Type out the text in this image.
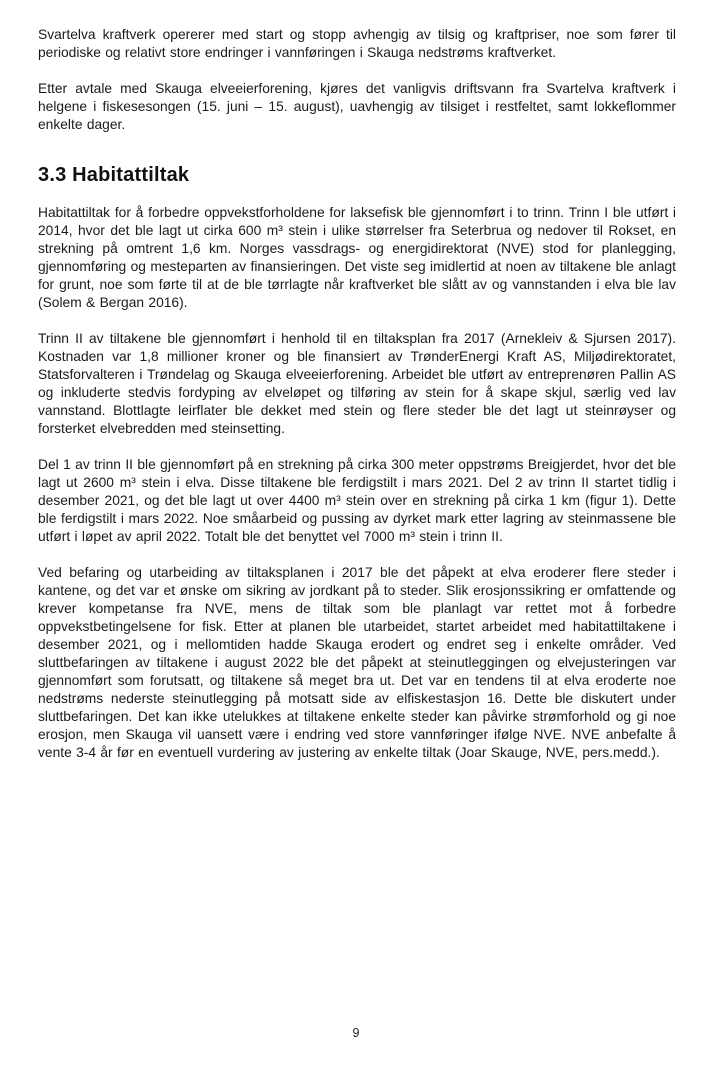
Svartelva kraftverk opererer med start og stopp avhengig av tilsig og kraftpriser, noe som fører til periodiske og relativt store endringer i vannføringen i Skauga nedstrøms kraftverket.

Etter avtale med Skauga elveeierforening, kjøres det vanligvis driftsvann fra Svartelva kraftverk i helgene i fiskesesongen (15. juni – 15. august), uavhengig av tilsiget i restfeltet, samt lokkeflommer enkelte dager.

3.3 Habitattiltak

Habitattiltak for å forbedre oppvekstforholdene for laksefisk ble gjennomført i to trinn. Trinn I ble utført i 2014, hvor det ble lagt ut cirka 600 m³ stein i ulike størrelser fra Seterbrua og nedover til Rokset, en strekning på omtrent 1,6 km. Norges vassdrags- og energidirektorat (NVE) stod for planlegging, gjennomføring og mesteparten av finansieringen. Det viste seg imidlertid at noen av tiltakene ble anlagt for grunt, noe som førte til at de ble tørrlagte når kraftverket ble slått av og vannstanden i elva ble lav (Solem & Bergan 2016).

Trinn II av tiltakene ble gjennomført i henhold til en tiltaksplan fra 2017 (Arnekleiv & Sjursen 2017). Kostnaden var 1,8 millioner kroner og ble finansiert av TrønderEnergi Kraft AS, Miljødirektoratet, Statsforvalteren i Trøndelag og Skauga elveeierforening. Arbeidet ble utført av entreprenøren Pallin AS og inkluderte stedvis fordyping av elveløpet og tilføring av stein for å skape skjul, særlig ved lav vannstand. Blottlagte leirflater ble dekket med stein og flere steder ble det lagt ut steinrøyser og forsterket elvebredden med steinsetting.

Del 1 av trinn II ble gjennomført på en strekning på cirka 300 meter oppstrøms Breigjerdet, hvor det ble lagt ut 2600 m³ stein i elva. Disse tiltakene ble ferdigstilt i mars 2021. Del 2 av trinn II startet tidlig i desember 2021, og det ble lagt ut over 4400 m³ stein over en strekning på cirka 1 km (figur 1). Dette ble ferdigstilt i mars 2022. Noe småarbeid og pussing av dyrket mark etter lagring av steinmassene ble utført i løpet av april 2022. Totalt ble det benyttet vel 7000 m³ stein i trinn II.

Ved befaring og utarbeiding av tiltaksplanen i 2017 ble det påpekt at elva eroderer flere steder i kantene, og det var et ønske om sikring av jordkant på to steder. Slik erosjonssikring er omfattende og krever kompetanse fra NVE, mens de tiltak som ble planlagt var rettet mot å forbedre oppvekstbetingelsene for fisk. Etter at planen ble utarbeidet, startet arbeidet med habitattiltakene i desember 2021, og i mellomtiden hadde Skauga erodert og endret seg i enkelte områder. Ved sluttbefaringen av tiltakene i august 2022 ble det påpekt at steinutleggingen og elvejusteringen var gjennomført som forutsatt, og tiltakene så meget bra ut. Det var en tendens til at elva eroderte noe nedstrøms nederste steinutlegging på motsatt side av elfiskestasjon 16. Dette ble diskutert under sluttbefaringen. Det kan ikke utelukkes at tiltakene enkelte steder kan påvirke strømforhold og gi noe erosjon, men Skauga vil uansett være i endring ved store vannføringer ifølge NVE. NVE anbefalte å vente 3-4 år før en eventuell vurdering av justering av enkelte tiltak (Joar Skauge, NVE, pers.medd.).

9
